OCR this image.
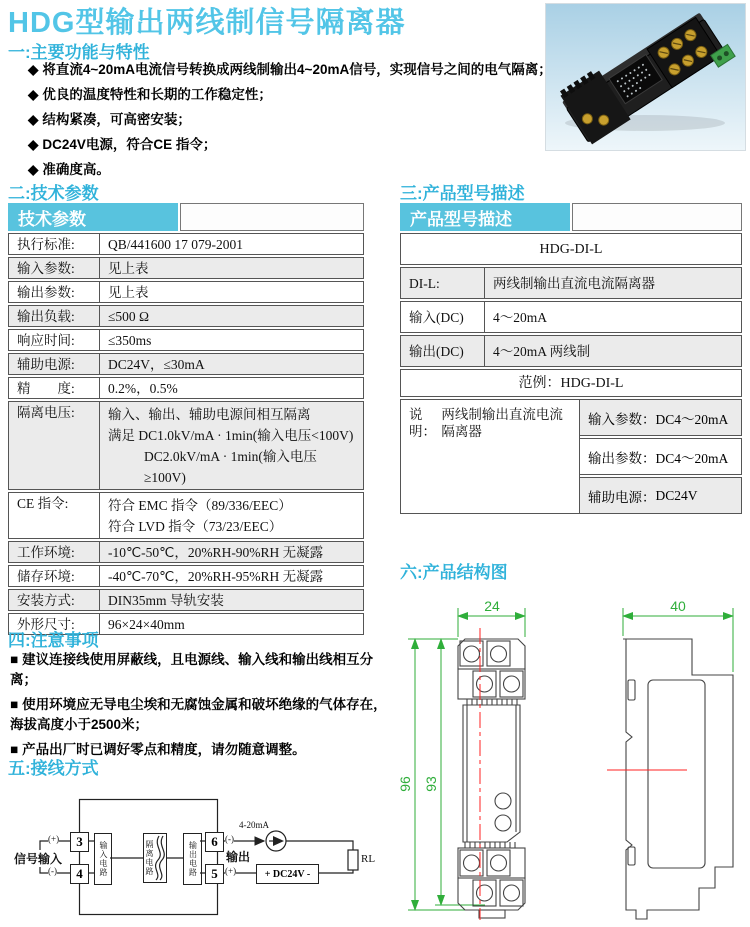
HDG型输出两线制信号隔离器
一:主要功能与特性
◆ 将直流4~20mA电流信号转换成两线制输出4~20mA信号，实现信号之间的电气隔离；
◆ 优良的温度特性和长期的工作稳定性；
◆ 结构紧凑，可高密安装；
◆ DC24V电源，符合CE 指令；
◆ 准确度高。
二:技术参数
技术参数
执行标准:	QB/441600 17 079-2001
输入参数:	见上表
输出参数:	见上表
输出负载:	≤500 Ω
响应时间:	≤350ms
辅助电源:	DC24V，≤30mA
精　　度:	0.2%，0.5%
隔离电压:	输入、输出、辅助电源间相互隔离
满足 DC1.0kV/mA · 1min(输入电压<100V)
DC2.0kV/mA · 1min(输入电压≥100V)
CE 指令:	符合 EMC 指令（89/336/EEC）
符合 LVD 指令（73/23/EEC）
工作环境:	-10℃-50℃，20%RH-90%RH 无凝露
储存环境:	-40℃-70℃，20%RH-95%RH 无凝露
安装方式:	DIN35mm 导轨安装
外形尺寸:	96×24×40mm
三:产品型号描述
产品型号描述
HDG-DI-L
DI-L:	两线制输出直流电流隔离器
输入(DC)	4～20mA
输出(DC)	4～20mA 两线制
范例：HDG-DI-L
说明：
两线制输出直流电流隔离器
输入参数： DC4～20mA
输出参数： DC4～20mA
辅助电源： DC24V
四:注意事项
■ 建议连接线使用屏蔽线，且电源线、输入线和输出线相互分离；
■ 使用环境应无导电尘埃和无腐蚀金属和破坏绝缘的气体存在，海拔高度小于2500米；
■ 产品出厂时已调好零点和精度，请勿随意调整。
五:接线方式
信号输入
(+)
(-)
3
4
6
5
输入电路	隔离电路	输出电路 输出
(-)
(+)
4-20mA
+ DC24V -
RL
六:产品结构图
24	40
96 93
